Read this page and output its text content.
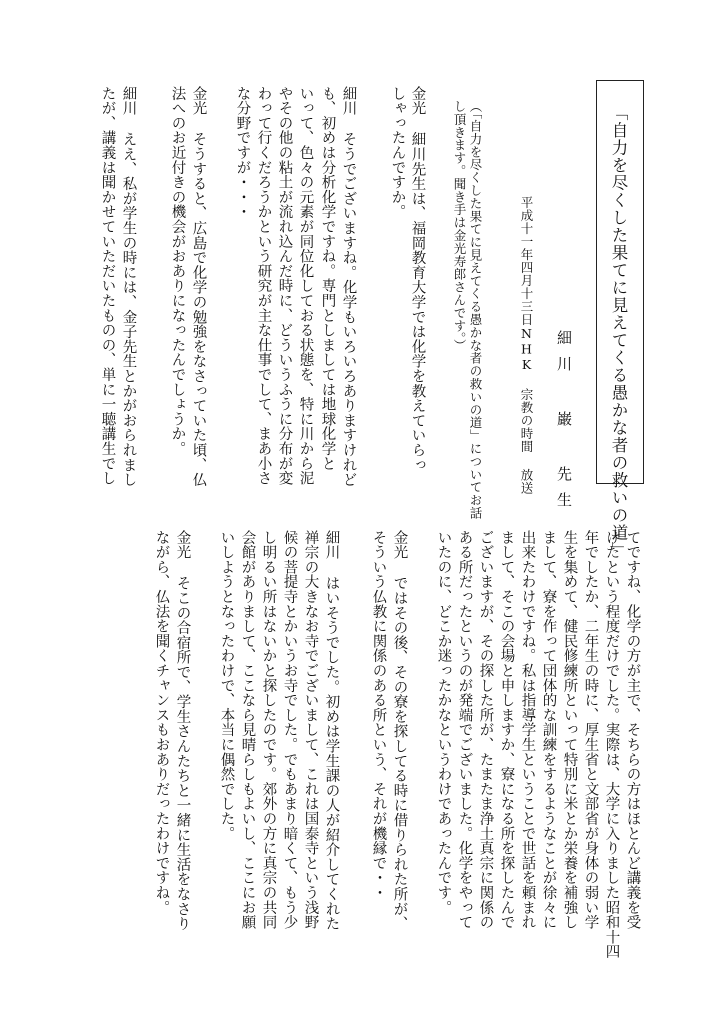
「自力を尽くした果てに見えてくる愚かな者の救いの道」
細川 巌 先生
平成十一年四月十三日NHK 宗教の時間 放送
（「自力を尽くした果てに見えてくる愚かな者の救いの道」についてお話
し頂きます。聞き手は金光寿郎さんです。）
金光 細川先生は、福岡教育大学では化学を教えていらっ
しゃったんですか。
細川 そうでございますね。化学もいろいろありますけれど
も、初めは分析化学ですね。専門としましては地球化学と
いって、色々の元素が同位化しておる状態を、特に川から泥
やその他の粘土が流れ込んだ時に、どういうふうに分布が変
わって行くだろうかという研究が主な仕事でして、まあ小さ
な分野ですが・・・
金光 そうすると、広島で化学の勉強をなさっていた頃、仏
法へのお近付きの機会がおありになったんでしょうか。
細川 ええ、私が学生の時には、金子先生とかがおられまし
たが、講義は聞かせていただいたものの、単に一聴講生でし
てですね、化学の方が主で、そちらの方はほとんど講義を受
けたという程度だけでした。実際は、大学に入りました昭和十四
年でしたか、二年生の時に、厚生省と文部省が身体の弱い学
生を集めて、健民修練所といって特別に米とか栄養を補強し
まして、寮を作って団体的な訓練をするようなことが徐々に
出来たわけですね。私は指導学生ということで世話を頼まれ
まして、そこの会場と申しますか、寮になる所を探したんで
ございますが、その探した所が、たまたま浄土真宗に関係の
ある所だったというのが発端でございました。化学をやって
いたのに、どこか迷ったかなというわけであったんです。
金光 ではその後、その寮を探してる時に借りられた所が、
そういう仏教に関係のある所という、それが機縁で・・
細川 はいそうでした。初めは学生課の人が紹介してくれた
禅宗の大きなお寺でございまして、これは国泰寺という浅野
候の菩提寺とかいうお寺でした。でもあまり暗くて、もう少
し明るい所はないかと探したのです。郊外の方に真宗の共同
会館がありまして、ここなら見晴らしもよいし、ここにお願
いしようとなったわけで、本当に偶然でした。
金光 そこの合宿所で、学生さんたちと一緒に生活をなさり
ながら、仏法を聞くチャンスもおありだったわけですね。
